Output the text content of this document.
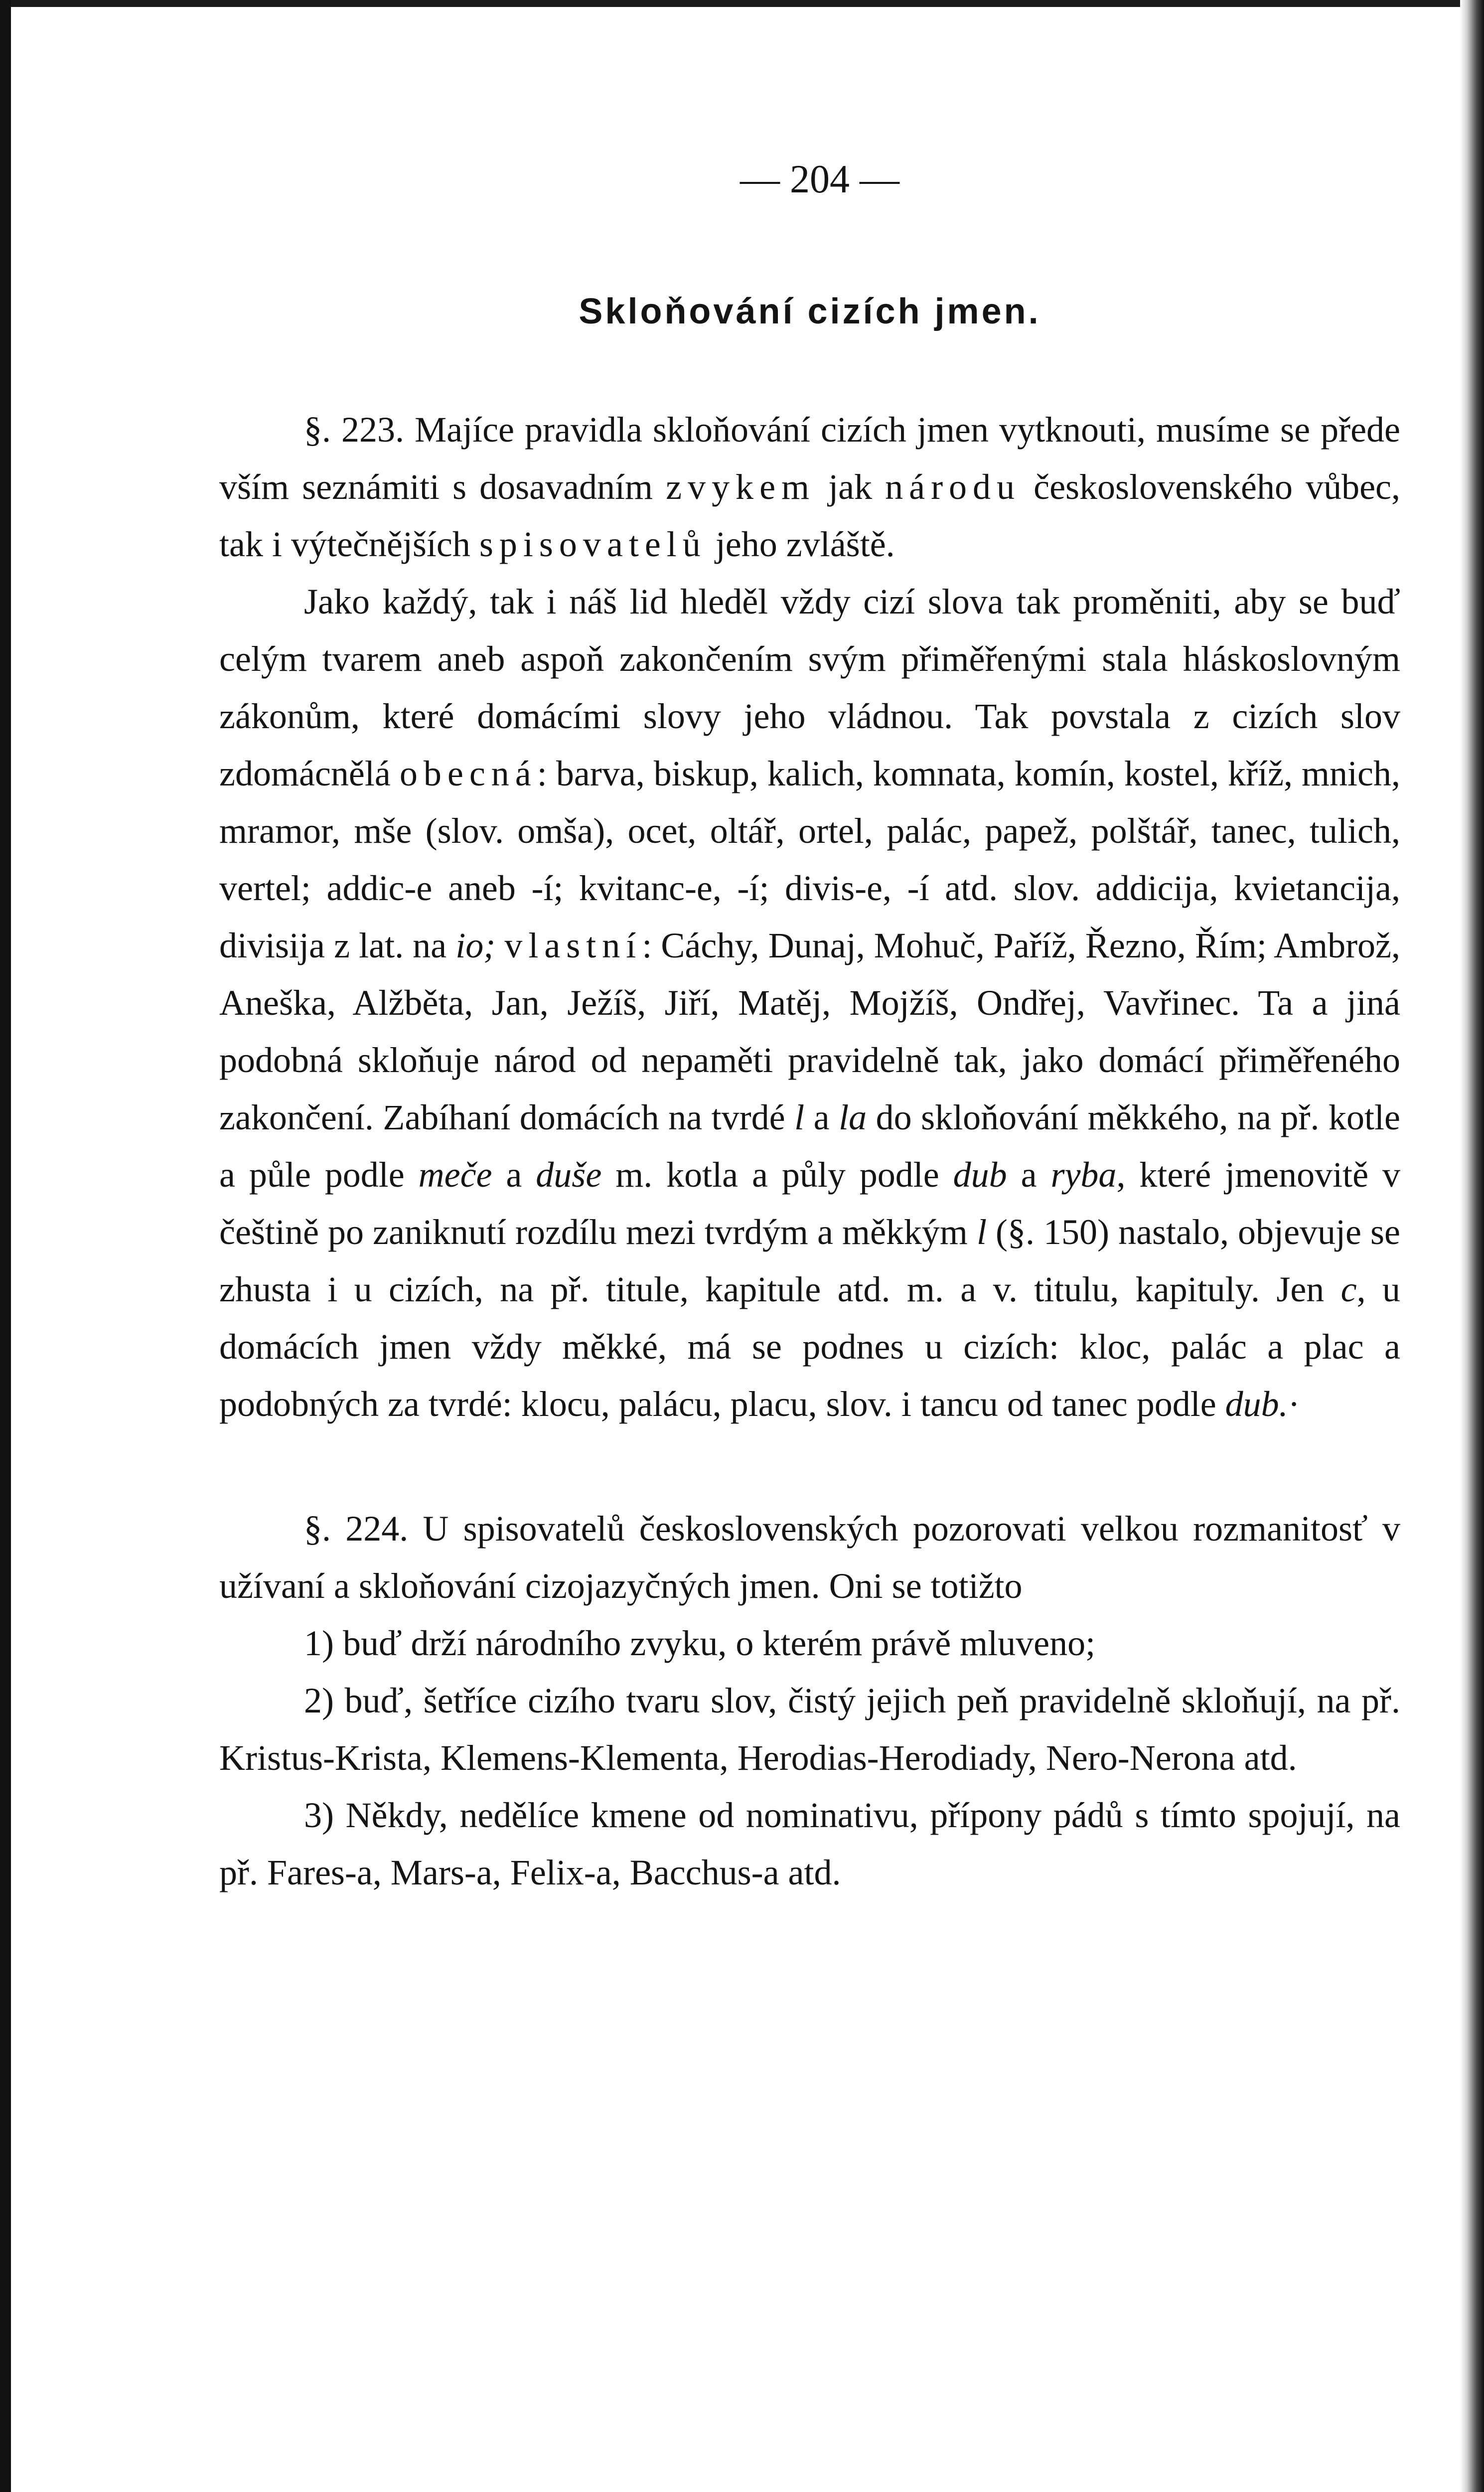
— 204 —
Skloňování cizích jmen.

§. 223. Majíce pravidla skloňování cizích jmen vytknouti, musíme se přede vším seznámiti s dosavadním zvykem jak národu československého vůbec, tak i výtečnějších spisovatelů jeho zvláště.

Jako každý, tak i náš lid hleděl vždy cizí slova tak proměniti, aby se buď celým tvarem aneb aspoň zakončením svým přiměřenými stala hláskoslovným zákonům, které domácími slovy jeho vládnou. Tak povstala z cizích slov zdomácnělá obecná: barva, biskup, kalich, komnata, komín, kostel, kříž, mnich, mramor, mše (slov. omša), ocet, oltář, ortel, palác, papež, polštář, tanec, tulich, vertel; addic-e aneb -í; kvitanc-e, -í; divis-e, -í atd. slov. addicija, kvietancija, divisija z lat. na io; vlastní: Cáchy, Dunaj, Mohuč, Paříž, Řezno, Řím; Ambrož, Aneška, Alžběta, Jan, Ježíš, Jiří, Matěj, Mojžíš, Ondřej, Vavřinec. Ta a jiná podobná skloňuje národ od nepaměti pravidelně tak, jako domácí přiměřeného zakončení. Zabíhaní domácích na tvrdé l a la do skloňování měkkého, na př. kotle a půle podle meče a duše m. kotla a půly podle dub a ryba, které jmenovitě v češtině po zaniknutí rozdílu mezi tvrdým a měkkým l (§. 150) nastalo, objevuje se zhusta i u cizích, na př. titule, kapitule atd. m. a v. titulu, kapituly. Jen c, u domácích jmen vždy měkké, má se podnes u cizích: kloc, palác a plac a podobných za tvrdé: klocu, palácu, placu, slov. i tancu od tanec podle dub.·

§. 224. U spisovatelů československých pozorovati velkou rozmanitosť v užívaní a skloňování cizojazyčných jmen. Oni se totižto

1) buď drží národního zvyku, o kterém právě mluveno;

2) buď, šetříce cizího tvaru slov, čistý jejich peň pravidelně skloňují, na př. Kristus-Krista, Klemens-Klementa, Herodias-Herodiady, Nero-Nerona atd.

3) Někdy, nedělíce kmene od nominativu, přípony pádů s tímto spojují, na př. Fares-a, Mars-a, Felix-a, Bacchus-a atd.
